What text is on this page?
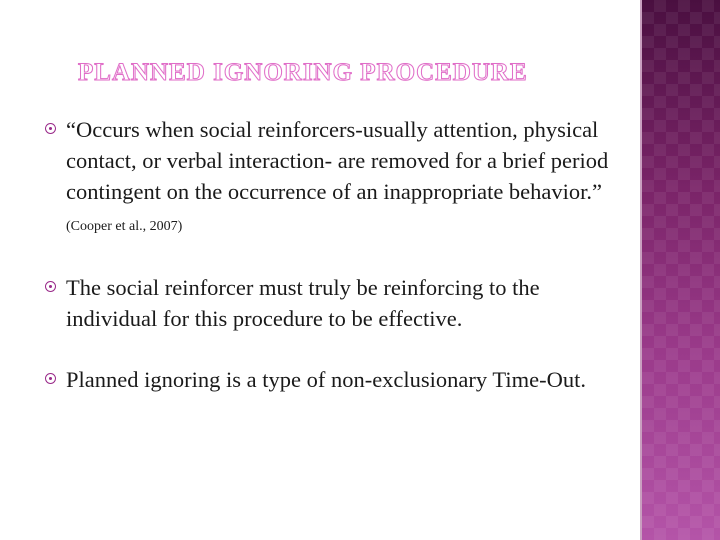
PLANNED IGNORING PROCEDURE
“Occurs when social reinforcers-usually attention, physical contact, or verbal interaction- are removed for a brief period contingent on the occurrence of an inappropriate behavior.” (Cooper et al., 2007)
The social reinforcer must truly be reinforcing to the individual for this procedure to be effective.
Planned ignoring is a type of non-exclusionary Time-Out.
